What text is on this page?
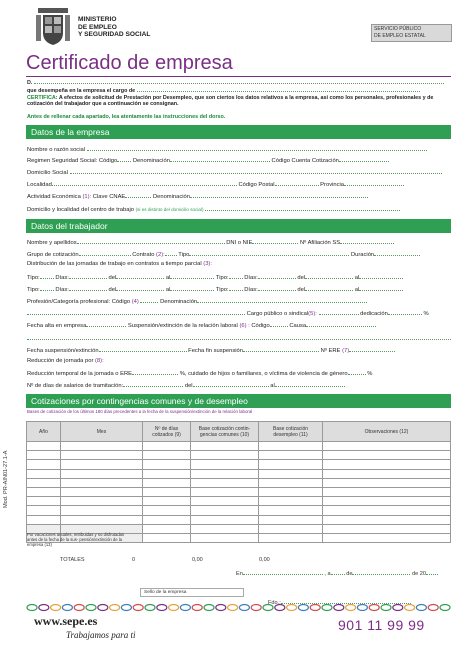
MINISTERIO
DE EMPLEO
Y SEGURIDAD SOCIAL
SERVICIO PÚBLICO
DE EMPLEO ESTATAL
Certificado de empresa
D.
que desempeña en la empresa el cargo de
CERTIFICA: A efectos de solicitud de Prestación por Desempleo, que son ciertos los datos relativos a la empresa, así como los personales, profesionales y de cotización del trabajador que a continuación se consignan.
Antes de rellenar cada apartado, lea atentamente las instrucciones del dorso.
Datos de la empresa
Nombre o razón social
Regimen Seguridad Social: Código	Denominación	Código Cuenta Cotización
Domicilio Social
Localidad	Código Postal	Provincia
Actividad Económica (1): Clave CNAE	Denominación
Domicilio y localidad del centro de trabajo (si es distinto del domicilio social)
Datos del trabajador
Nombre y apellidos	DNI o NIE	Nº Afiliación SS
Grupo de cotización	Contrato (2): Tipo	Duración
Distribución de las jornadas de trabajo en contratos a tiempo parcial (3):
Tipo:	Días:	del	al	Tipo:	Días:	del	al
Tipo:	Días:	del	al	Tipo:	Días:	del	al
Profesión/Categoría profesional: Código (4)	Denominación
Cargo público o sindical(5):	dedicación	%
Fecha alta en empresa	Suspensión/extinción de la relación laboral (6) : Código	Causa
Fecha suspensión/extinción	Fecha fin suspensión	Nº ERE (7)
Reducción de jornada por (8):
Reducción temporal de la jornada o ERE	%, cuidado de hijos o familiares, o víctima de violencia de género	%
Nº de días de salarios de tramitación:	del	al
Cotizaciones por contingencias comunes y de desempleo
Bases de cotización de los últimos 180 días precedentes a la fecha de la suspensión/extinción de la relación laboral
Año	Mes	Nº de días cotizados (9)	Base cotización contin- gencias comunes (10)	Base cotización desempleo (11)	Observaciones (12)

Por vacaciones anuales, retribuidas y no disfrutadas antes de la fecha de la sus- pensión/extinción de la empresa (13)
TOTALES	0	0,00	0,00
En	, a	de	de 20
Sello de la empresa
Fdo.:
Mod. PR-AIN01-27.1-A
www.sepe.es
Trabajamos para ti
901 11 99 99
